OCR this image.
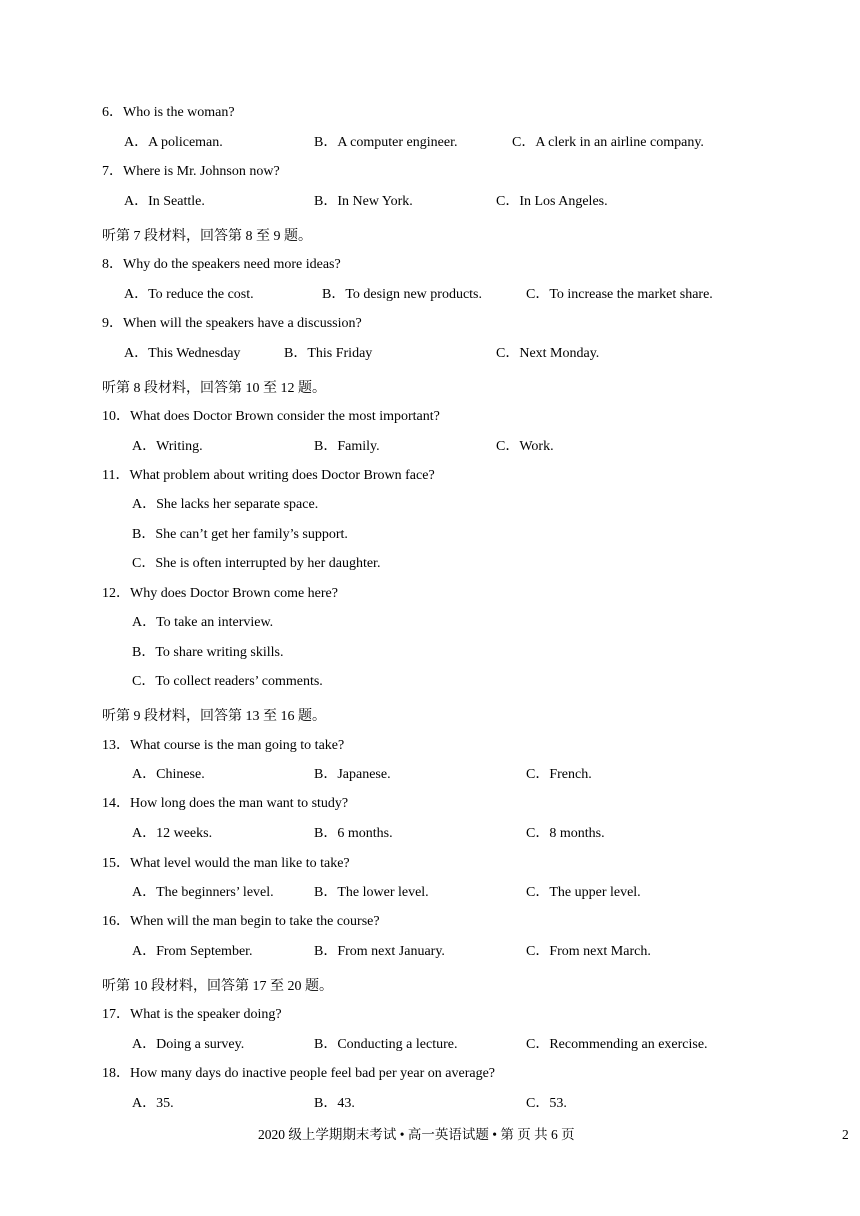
6．Who is the woman?
A．A policeman.	B．A computer engineer.	C．A clerk in an airline company.
7．Where is Mr. Johnson now?
A．In Seattle.	B．In New York.	C．In Los Angeles.
听第 7 段材料，回答第 8 至 9 题。
8．Why do the speakers need more ideas?
A．To reduce the cost.	B．To design new products.	C．To increase the market share.
9．When will the speakers have a discussion?
A．This Wednesday	B．This Friday	C．Next Monday.
听第 8 段材料，回答第 10 至 12 题。
10．What does Doctor Brown consider the most important?
A．Writing.	B．Family.	C．Work.
11．What problem about writing does Doctor Brown face?
A．She lacks her separate space.
B．She can’t get her family’s support.
C．She is often interrupted by her daughter.
12．Why does Doctor Brown come here?
A．To take an interview.
B．To share writing skills.
C．To collect readers’ comments.
听第 9 段材料，回答第 13 至 16 题。
13．What course is the man going to take?
A．Chinese.	B．Japanese.	C．French.
14．How long does the man want to study?
A．12 weeks.	B．6 months.	C．8 months.
15．What level would the man like to take?
A．The beginners’ level.	B．The lower level.	C．The upper level.
16．When will the man begin to take the course?
A．From September.	B．From next January.	C．From next March.
听第 10 段材料，回答第 17 至 20 题。
17．What is the speaker doing?
A．Doing a survey.	B．Conducting a lecture.	C．Recommending an exercise.
18．How many days do inactive people feel bad per year on average?
A．35.	B．43.	C．53.
2020 级上学期期末考试 • 高一英语试题 • 第 页 共 6 页	2
